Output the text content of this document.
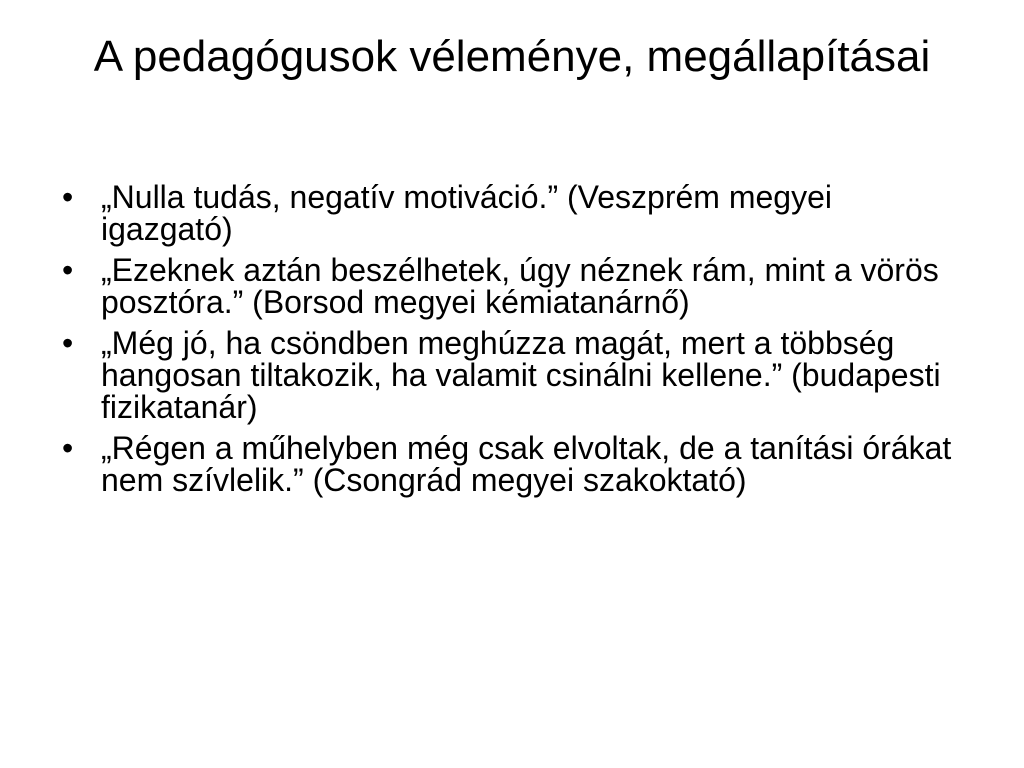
A pedagógusok véleménye, megállapításai
• „Nulla tudás, negatív motiváció.” (Veszprém megyei igazgató)
• „Ezeknek aztán beszélhetek, úgy néznek rám, mint a vörös posztóra.” (Borsod megyei kémiatanárnő)
• „Még jó, ha csöndben meghúzza magát, mert a többség hangosan tiltakozik, ha valamit csinálni kellene.” (budapesti fizikatanár)
• „Régen a műhelyben még csak elvoltak, de a tanítási órákat nem szívlelik.” (Csongrád megyei szakoktató)
